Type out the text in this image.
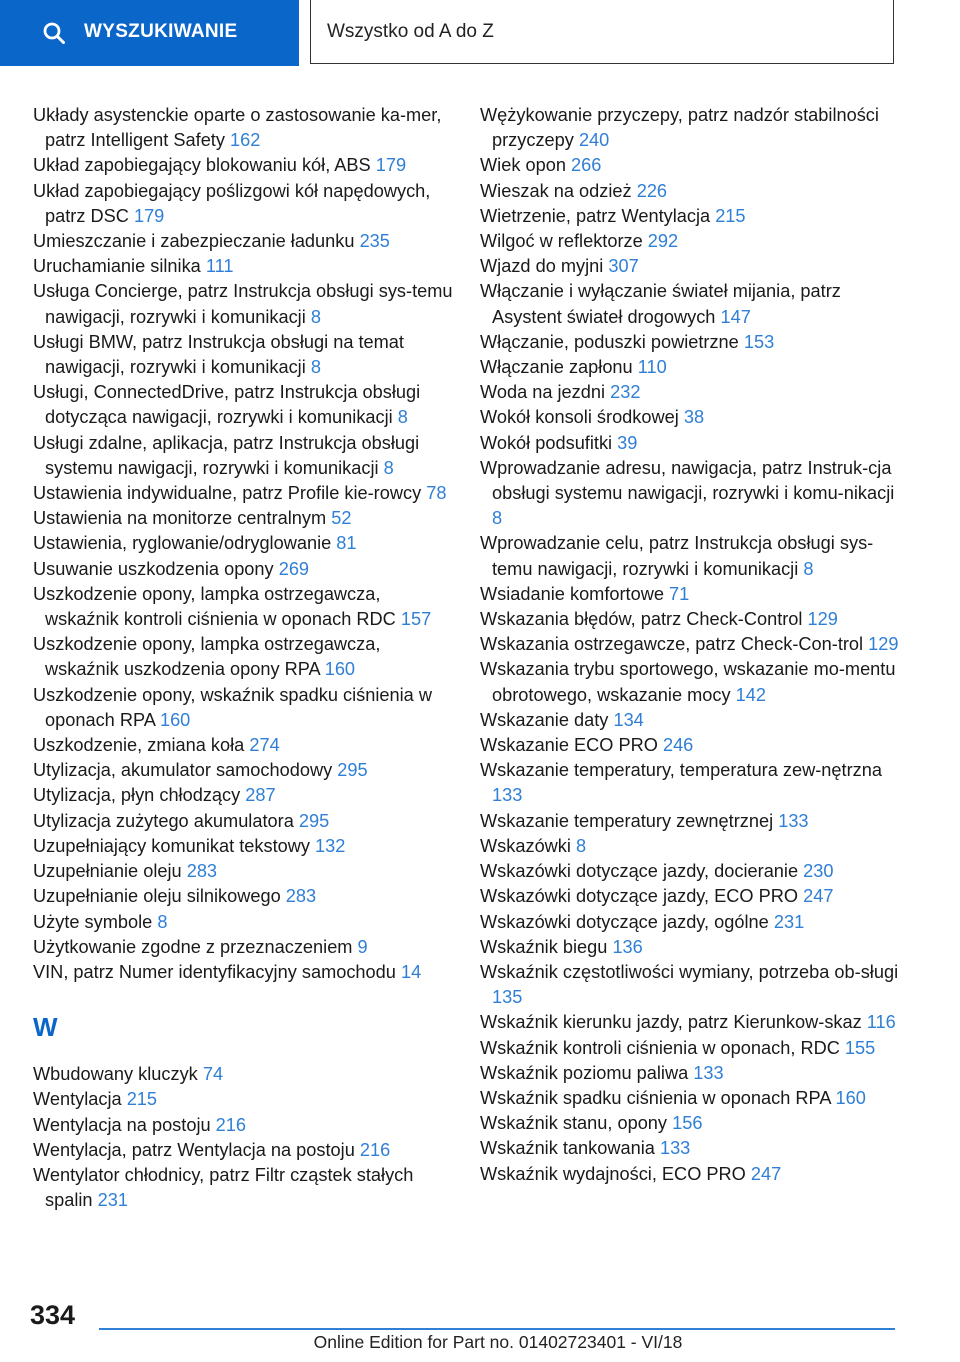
WYSZUKIWANIE	Wszystko od A do Z

Układy asystenckie oparte o zastosowanie ka‐mer, patrz Intelligent Safety 162

Układ zapobiegający blokowaniu kół, ABS 179

Układ zapobiegający poślizgowi kół napędowych, patrz DSC 179

Umieszczanie i zabezpieczanie ładunku 235

Uruchamianie silnika 111

Usługa Concierge, patrz Instrukcja obsługi sys‐temu nawigacji, rozrywki i komunikacji 8

Usługi BMW, patrz Instrukcja obsługi na temat nawigacji, rozrywki i komunikacji 8

Usługi, ConnectedDrive, patrz Instrukcja obsługi dotycząca nawigacji, rozrywki i komunikacji 8

Usługi zdalne, aplikacja, patrz Instrukcja obsługi systemu nawigacji, rozrywki i komunikacji 8

Ustawienia indywidualne, patrz Profile kie‐rowcy 78

Ustawienia na monitorze centralnym 52

Ustawienia, ryglowanie/odryglowanie 81

Usuwanie uszkodzenia opony 269

Uszkodzenie opony, lampka ostrzegawcza, wskaźnik kontroli ciśnienia w oponach RDC 157

Uszkodzenie opony, lampka ostrzegawcza, wskaźnik uszkodzenia opony RPA 160

Uszkodzenie opony, wskaźnik spadku ciśnienia w oponach RPA 160

Uszkodzenie, zmiana koła 274

Utylizacja, akumulator samochodowy 295

Utylizacja, płyn chłodzący 287

Utylizacja zużytego akumulatora 295

Uzupełniający komunikat tekstowy 132

Uzupełnianie oleju 283

Uzupełnianie oleju silnikowego 283

Użyte symbole 8

Użytkowanie zgodne z przeznaczeniem 9

VIN, patrz Numer identyfikacyjny samochodu 14

W

Wbudowany kluczyk 74

Wentylacja 215

Wentylacja na postoju 216

Wentylacja, patrz Wentylacja na postoju 216

Wentylator chłodnicy, patrz Filtr cząstek stałych spalin 231

Wężykowanie przyczepy, patrz nadzór stabilności przyczepy 240

Wiek opon 266

Wieszak na odzież 226

Wietrzenie, patrz Wentylacja 215

Wilgoć w reflektorze 292

Wjazd do myjni 307

Włączanie i wyłączanie świateł mijania, patrz Asystent świateł drogowych 147

Włączanie, poduszki powietrzne 153

Włączanie zapłonu 110

Woda na jezdni 232

Wokół konsoli środkowej 38

Wokół podsufitki 39

Wprowadzanie adresu, nawigacja, patrz Instruk‐cja obsługi systemu nawigacji, rozrywki i komu‐nikacji 8

Wprowadzanie celu, patrz Instrukcja obsługi sys‐temu nawigacji, rozrywki i komunikacji 8

Wsiadanie komfortowe 71

Wskazania błędów, patrz Check-Control 129

Wskazania ostrzegawcze, patrz Check-Con‐trol 129

Wskazania trybu sportowego, wskazanie mo‐mentu obrotowego, wskazanie mocy 142

Wskazanie daty 134

Wskazanie ECO PRO 246

Wskazanie temperatury, temperatura zew‐nętrzna 133

Wskazanie temperatury zewnętrznej 133

Wskazówki 8

Wskazówki dotyczące jazdy, docieranie 230

Wskazówki dotyczące jazdy, ECO PRO 247

Wskazówki dotyczące jazdy, ogólne 231

Wskaźnik biegu 136

Wskaźnik częstotliwości wymiany, potrzeba ob‐sługi 135

Wskaźnik kierunku jazdy, patrz Kierunkow‐skaz 116

Wskaźnik kontroli ciśnienia w oponach, RDC 155

Wskaźnik poziomu paliwa 133

Wskaźnik spadku ciśnienia w oponach RPA 160

Wskaźnik stanu, opony 156

Wskaźnik tankowania 133

Wskaźnik wydajności, ECO PRO 247

334
Online Edition for Part no. 01402723401 - VI/18
